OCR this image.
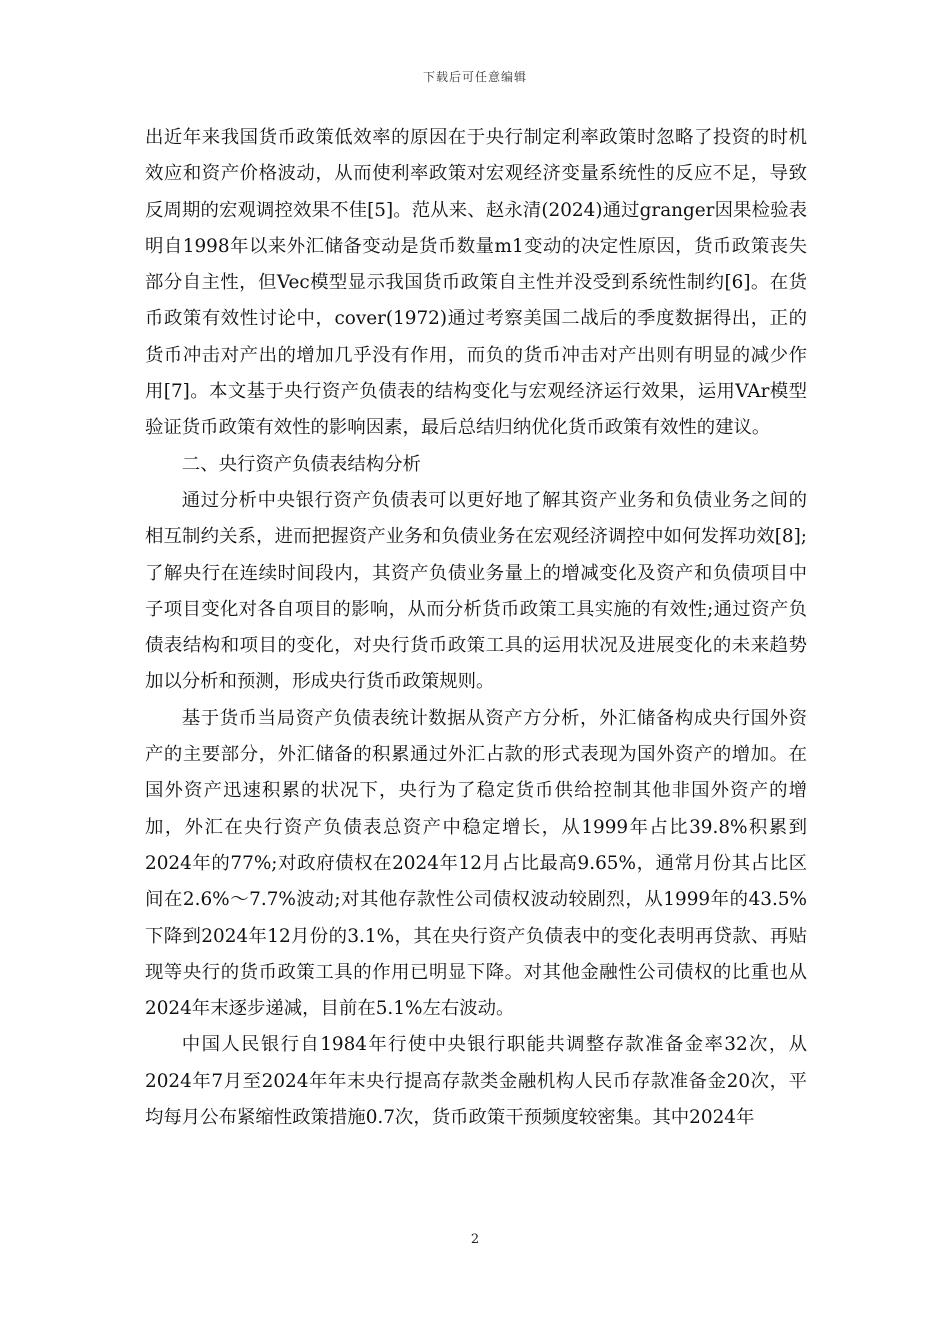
下载后可任意编辑

出近年来我国货币政策低效率的原因在于央行制定利率政策时忽略了投资的时机效应和资产价格波动，从而使利率政策对宏观经济变量系统性的反应不足，导致反周期的宏观调控效果不佳[5]。范从来、赵永清(2024)通过granger因果检验表明自1998年以来外汇储备变动是货币数量m1变动的决定性原因，货币政策丧失部分自主性，但Vec模型显示我国货币政策自主性并没受到系统性制约[6]。在货币政策有效性讨论中，cover(1972)通过考察美国二战后的季度数据得出，正的货币冲击对产出的增加几乎没有作用，而负的货币冲击对产出则有明显的减少作用[7]。本文基于央行资产负债表的结构变化与宏观经济运行效果，运用VAr模型验证货币政策有效性的影响因素，最后总结归纳优化货币政策有效性的建议。

二、央行资产负债表结构分析

通过分析中央银行资产负债表可以更好地了解其资产业务和负债业务之间的相互制约关系，进而把握资产业务和负债业务在宏观经济调控中如何发挥功效[8];了解央行在连续时间段内，其资产负债业务量上的增减变化及资产和负债项目中子项目变化对各自项目的影响，从而分析货币政策工具实施的有效性;通过资产负债表结构和项目的变化，对央行货币政策工具的运用状况及进展变化的未来趋势加以分析和预测，形成央行货币政策规则。

基于货币当局资产负债表统计数据从资产方分析，外汇储备构成央行国外资产的主要部分，外汇储备的积累通过外汇占款的形式表现为国外资产的增加。在国外资产迅速积累的状况下，央行为了稳定货币供给控制其他非国外资产的增加，外汇在央行资产负债表总资产中稳定增长，从1999年占比39.8%积累到2024年的77%;对政府债权在2024年12月占比最高9.65%，通常月份其占比区间在2.6%～7.7%波动;对其他存款性公司债权波动较剧烈，从1999年的43.5%下降到2024年12月份的3.1%，其在央行资产负债表中的变化表明再贷款、再贴现等央行的货币政策工具的作用已明显下降。对其他金融性公司债权的比重也从2024年末逐步递减，目前在5.1%左右波动。

中国人民银行自1984年行使中央银行职能共调整存款准备金率32次，从2024年7月至2024年年末央行提高存款类金融机构人民币存款准备金20次，平均每月公布紧缩性政策措施0.7次，货币政策干预频度较密集。其中2024年

2
